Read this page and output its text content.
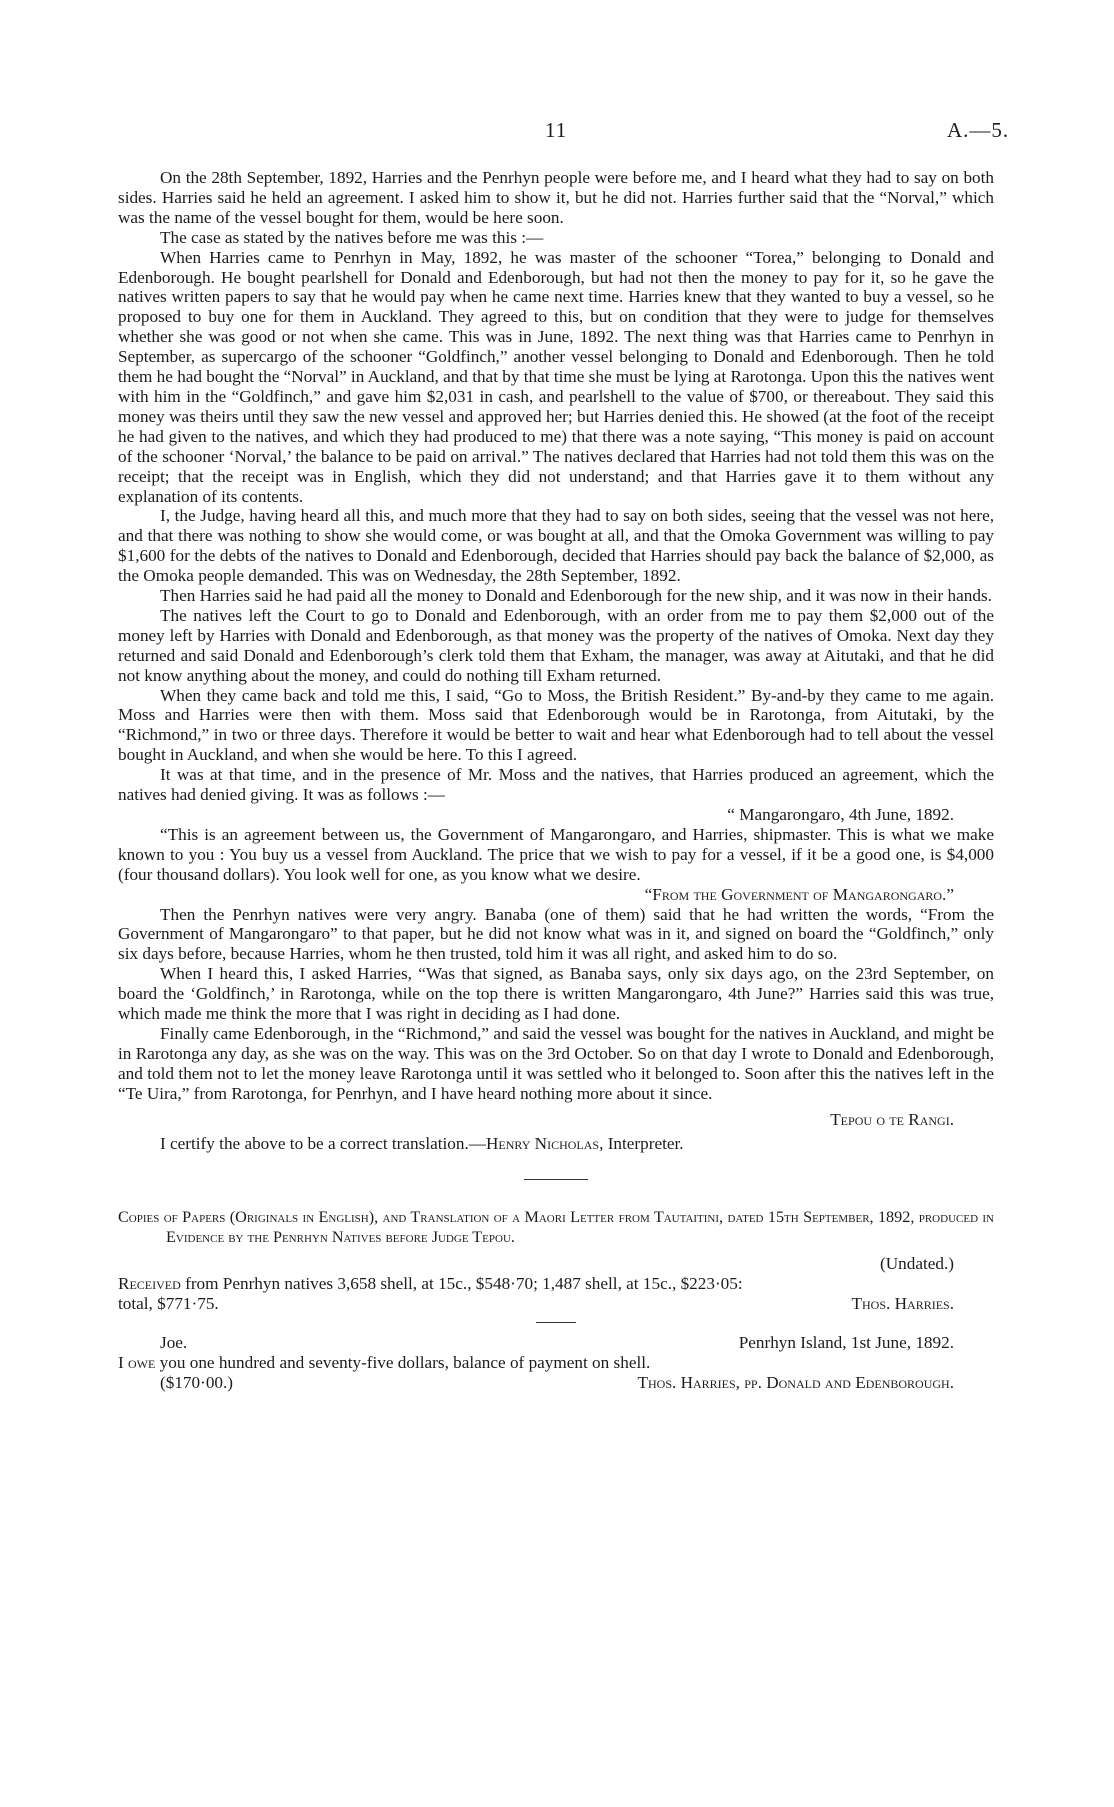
11	A.—5.

On the 28th September, 1892, Harries and the Penrhyn people were before me, and I heard what they had to say on both sides. Harries said he held an agreement. I asked him to show it, but he did not. Harries further said that the “Norval,” which was the name of the vessel bought for them, would be here soon.

The case as stated by the natives before me was this :—

When Harries came to Penrhyn in May, 1892, he was master of the schooner “Torea,” belonging to Donald and Edenborough. He bought pearlshell for Donald and Edenborough, but had not then the money to pay for it, so he gave the natives written papers to say that he would pay when he came next time. Harries knew that they wanted to buy a vessel, so he proposed to buy one for them in Auckland. They agreed to this, but on condition that they were to judge for themselves whether she was good or not when she came. This was in June, 1892. The next thing was that Harries came to Penrhyn in September, as supercargo of the schooner “Goldfinch,” another vessel belonging to Donald and Edenborough. Then he told them he had bought the “Norval” in Auckland, and that by that time she must be lying at Rarotonga. Upon this the natives went with him in the “Goldfinch,” and gave him $2,031 in cash, and pearlshell to the value of $700, or thereabout. They said this money was theirs until they saw the new vessel and approved her; but Harries denied this. He showed (at the foot of the receipt he had given to the natives, and which they had produced to me) that there was a note saying, “This money is paid on account of the schooner ‘Norval,’ the balance to be paid on arrival.” The natives declared that Harries had not told them this was on the receipt; that the receipt was in English, which they did not understand; and that Harries gave it to them without any explanation of its contents.

I, the Judge, having heard all this, and much more that they had to say on both sides, seeing that the vessel was not here, and that there was nothing to show she would come, or was bought at all, and that the Omoka Government was willing to pay $1,600 for the debts of the natives to Donald and Edenborough, decided that Harries should pay back the balance of $2,000, as the Omoka people demanded. This was on Wednesday, the 28th September, 1892.

Then Harries said he had paid all the money to Donald and Edenborough for the new ship, and it was now in their hands.

The natives left the Court to go to Donald and Edenborough, with an order from me to pay them $2,000 out of the money left by Harries with Donald and Edenborough, as that money was the property of the natives of Omoka. Next day they returned and said Donald and Edenborough’s clerk told them that Exham, the manager, was away at Aitutaki, and that he did not know anything about the money, and could do nothing till Exham returned.

When they came back and told me this, I said, “Go to Moss, the British Resident.” By-and-by they came to me again. Moss and Harries were then with them. Moss said that Edenborough would be in Rarotonga, from Aitutaki, by the “Richmond,” in two or three days. Therefore it would be better to wait and hear what Edenborough had to tell about the vessel bought in Auckland, and when she would be here. To this I agreed.

It was at that time, and in the presence of Mr. Moss and the natives, that Harries produced an agreement, which the natives had denied giving. It was as follows :—

“ Mangarongaro, 4th June, 1892.

“This is an agreement between us, the Government of Mangarongaro, and Harries, shipmaster. This is what we make known to you : You buy us a vessel from Auckland. The price that we wish to pay for a vessel, if it be a good one, is $4,000 (four thousand dollars). You look well for one, as you know what we desire.

“From the Government of Mangarongaro.”

Then the Penrhyn natives were very angry. Banaba (one of them) said that he had written the words, “From the Government of Mangarongaro” to that paper, but he did not know what was in it, and signed on board the “Goldfinch,” only six days before, because Harries, whom he then trusted, told him it was all right, and asked him to do so.

When I heard this, I asked Harries, “Was that signed, as Banaba says, only six days ago, on the 23rd September, on board the ‘Goldfinch,’ in Rarotonga, while on the top there is written Mangarongaro, 4th June?” Harries said this was true, which made me think the more that I was right in deciding as I had done.

Finally came Edenborough, in the “Richmond,” and said the vessel was bought for the natives in Auckland, and might be in Rarotonga any day, as she was on the way. This was on the 3rd October. So on that day I wrote to Donald and Edenborough, and told them not to let the money leave Rarotonga until it was settled who it belonged to. Soon after this the natives left in the “Te Uira,” from Rarotonga, for Penrhyn, and I have heard nothing more about it since.

Tepou o te Rangi.

I certify the above to be a correct translation.—Henry Nicholas, Interpreter.

Copies of Papers (Originals in English), and Translation of a Maori Letter from Tautaitini, dated 15th September, 1892, produced in Evidence by the Penrhyn Natives before Judge Tepou.

(Undated.)

Received from Penrhyn natives 3,658 shell, at 15c., $548·70; 1,487 shell, at 15c., $223·05:

total, $771·75.	Thos. Harries.
Joe.	Penrhyn Island, 1st June, 1892.

I owe you one hundred and seventy-five dollars, balance of payment on shell.

($170·00.)	Thos. Harries, pp. Donald and Edenborough.
